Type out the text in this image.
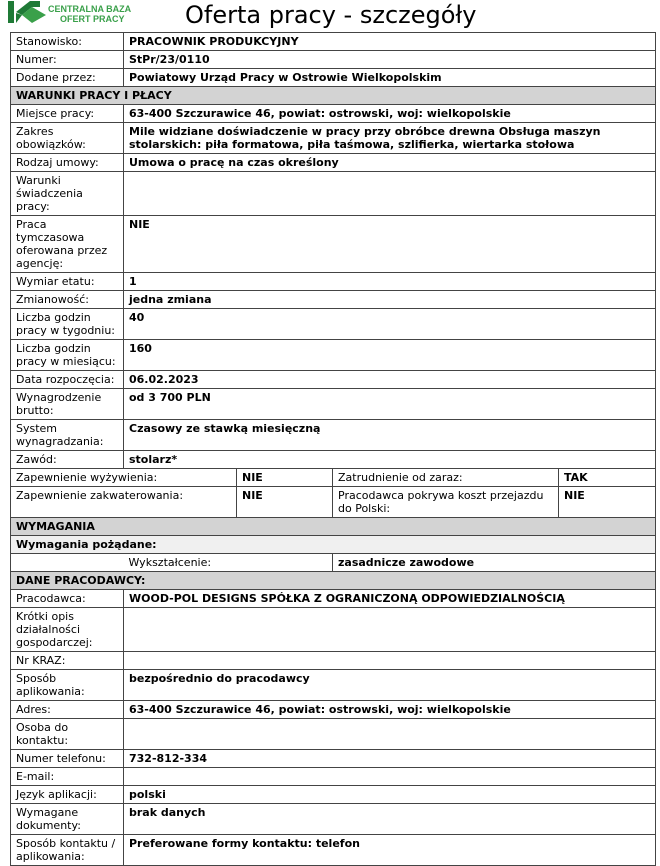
CENTRALNA BAZA
OFERT PRACY	Oferta pracy - szczegóły
Stanowisko:	PRACOWNIK PRODUKCYJNY			
Numer:	StPr/23/0110			
Dodane przez:	Powiatowy Urząd Pracy w Ostrowie Wielkopolskim			
WARUNKI PRACY I PŁACY				
Miejsce pracy:	63-400 Szczurawice 46, powiat: ostrowski, woj: wielkopolskie			
Zakres obowiązków:	Mile widziane doświadczenie w pracy przy obróbce drewna Obsługa maszyn stolarskich: piła formatowa, piła taśmowa, szlifierka, wiertarka stołowa			
Rodzaj umowy:	Umowa o pracę na czas określony			
Warunki świadczenia pracy:				
Praca tymczasowa oferowana przez agencję:	NIE			
Wymiar etatu:	1			
Zmianowość:	jedna zmiana			
Liczba godzin pracy w tygodniu:	40			
Liczba godzin pracy w miesiącu:	160			
Data rozpoczęcia:	06.02.2023			
Wynagrodzenie brutto:	od 3 700 PLN			
System wynagradzania:	Czasowy ze stawką miesięczną			
Zawód:	stolarz*			
Zapewnienie wyżywienia:		NIE	Zatrudnienie od zaraz:	TAK
Zapewnienie zakwaterowania:		NIE	Pracodawca pokrywa koszt przejazdu do Polski:	NIE
WYMAGANIA				
Wymagania pożądane:				
	Wykształcenie:		zasadnicze zawodowe	
DANE PRACODAWCY:				
Pracodawca:	WOOD-POL DESIGNS SPÓŁKA Z OGRANICZONĄ ODPOWIEDZIALNOŚCIĄ			
Krótki opis działalności gospodarczej:				
Nr KRAZ:				
Sposób aplikowania:	bezpośrednio do pracodawcy			
Adres:	63-400 Szczurawice 46, powiat: ostrowski, woj: wielkopolskie			
Osoba do kontaktu:				
Numer telefonu:	732-812-334			
E-mail:				
Język aplikacji:	polski			
Wymagane dokumenty:	brak danych			
Sposób kontaktu / aplikowania:	Preferowane formy kontaktu: telefon			
